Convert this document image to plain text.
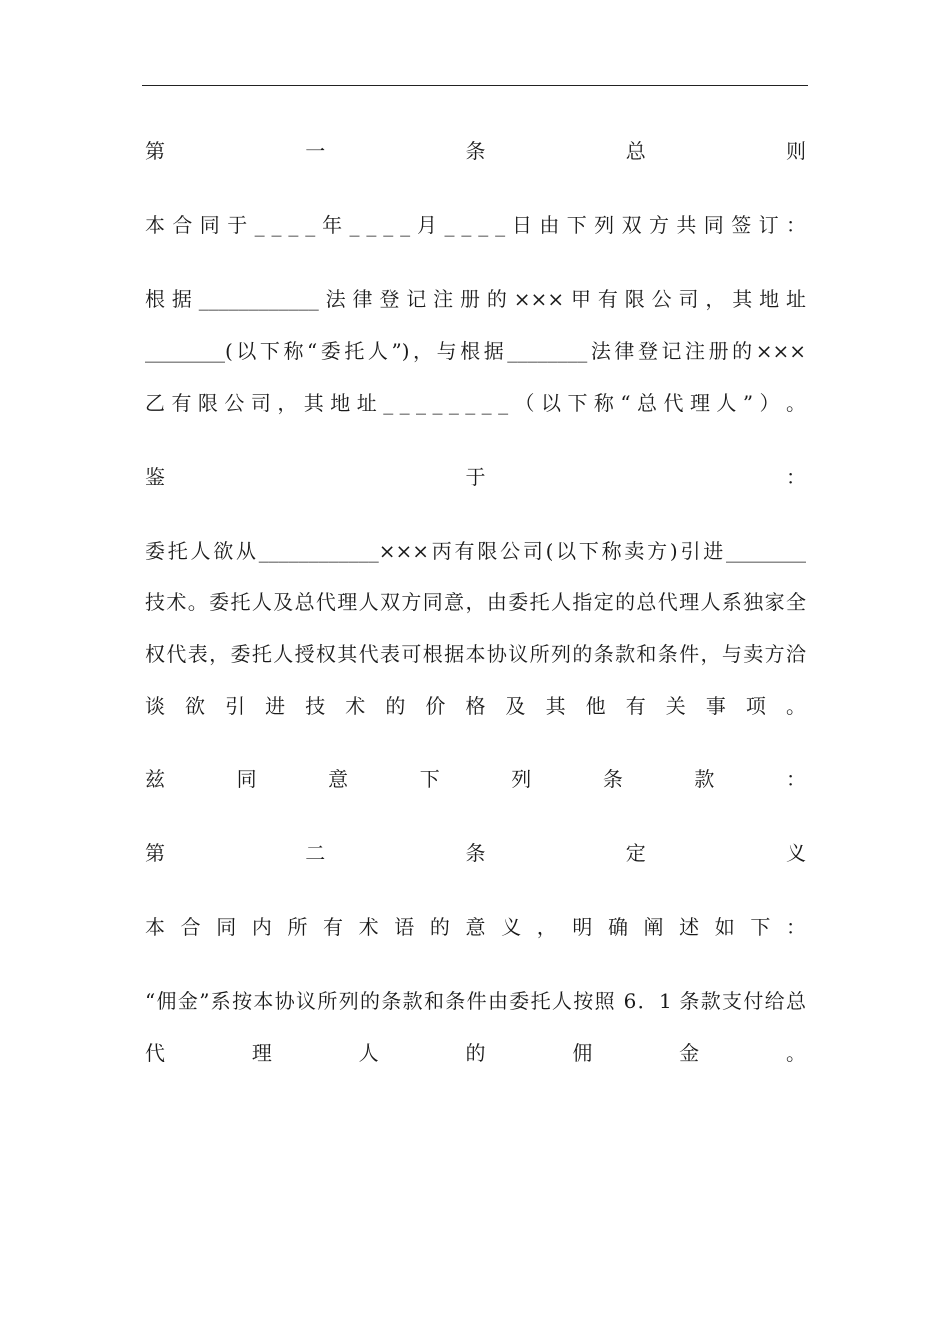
第 一 条 总 则
本 合 同 于 _ _ _ _ 年 _ _ _ _ 月 _ _ _ _ 日 由 下 列 双 方 共 同 签 订 ：
根据____________法律登记注册的×××甲有限公司，其地址
________(以下称“委托人”)，与根据________法律登记注册的×××
乙 有 限 公 司 ， 其 地 址 _ _ _ _ _ _ _ _ （ 以 下 称 “ 总 代 理 人 ” ） 。
鉴 于 ：
委托人欲从____________×××丙有限公司(以下称卖方)引进________
技术。委托人及总代理人双方同意，由委托人指定的总代理人系独家全
权代表，委托人授权其代表可根据本协议所列的条款和条件，与卖方洽
谈 欲 引 进 技 术 的 价 格 及 其 他 有 关 事 项 。
兹 同 意 下 列 条 款 ：
第 二 条 定 义
本 合 同 内 所 有 术 语 的 意 义 ， 明 确 阐 述 如 下 ：
“佣金”系按本协议所列的条款和条件由委托人按照 6．1 条款支付给总
代 理 人 的 佣 金 。
